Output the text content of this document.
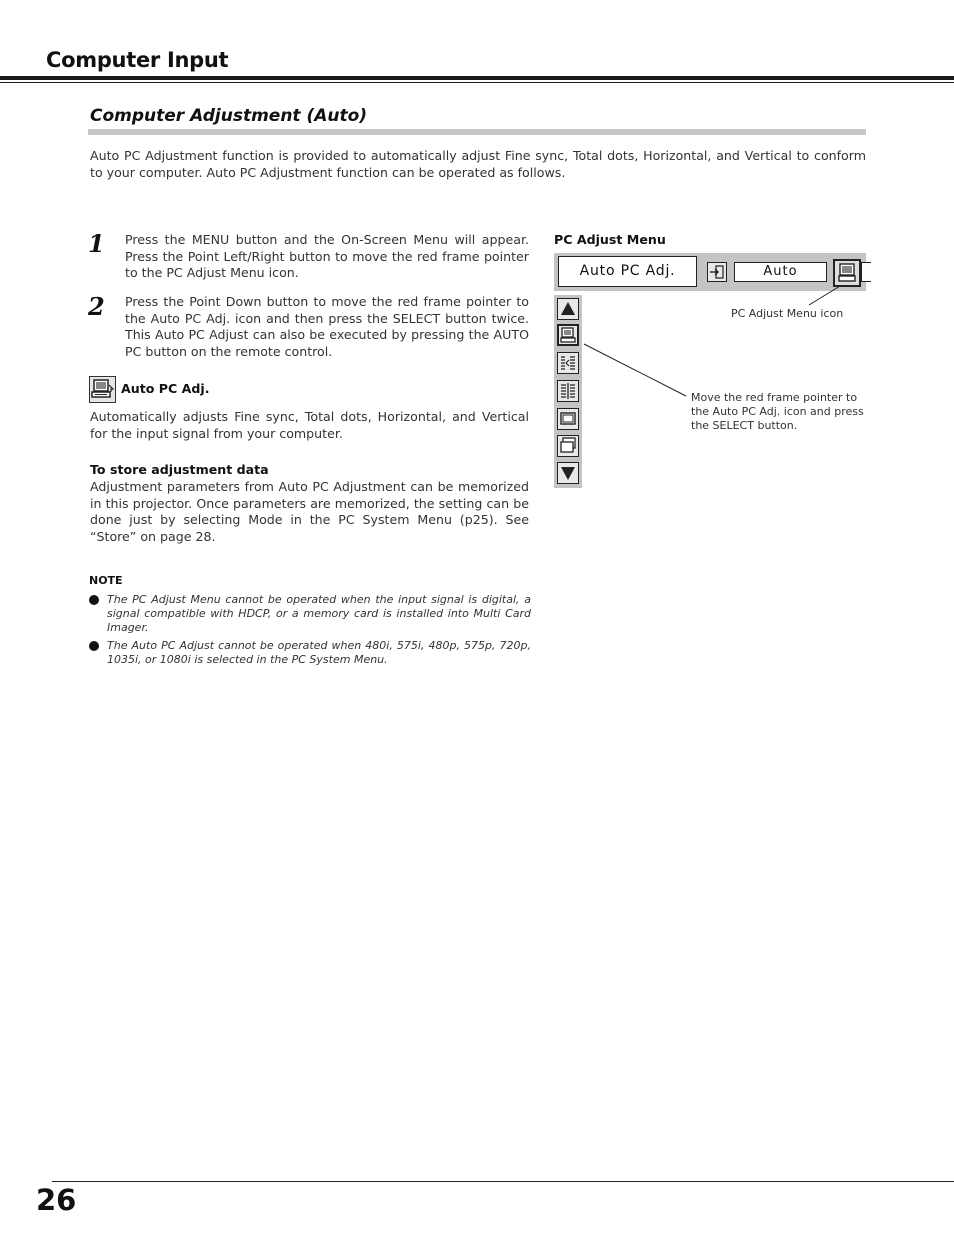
Computer Input
Computer Adjustment (Auto)
Auto PC Adjustment function is provided to automatically adjust Fine sync, Total dots, Horizontal, and Vertical to conform to your computer. Auto PC Adjustment function can be operated as follows.
1 Press the MENU button and the On-Screen Menu will appear. Press the Point Left/Right button to move the red frame pointer to the PC Adjust Menu icon.
2 Press the Point Down button to move the red frame pointer to the Auto PC Adj. icon and then press the SELECT button twice. This Auto PC Adjust can also be executed by pressing the AUTO PC button on the remote control.
Auto PC Adj.
Automatically adjusts Fine sync, Total dots, Horizontal, and Vertical for the input signal from your computer.
To store adjustment data
Adjustment parameters from Auto PC Adjustment can be memorized in this projector. Once parameters are memorized, the setting can be done just by selecting Mode in the PC System Menu (p25). See “Store” on page 28.
NOTE
The PC Adjust Menu cannot be operated when the input signal is digital, a signal compatible with HDCP, or a memory card is installed into Multi Card Imager.
The Auto PC Adjust cannot be operated when 480i, 575i, 480p, 575p, 720p, 1035i, or 1080i is selected in the PC System Menu.
PC Adjust Menu
Auto PC Adj.	Auto
PC Adjust Menu icon
Move the red frame pointer to the Auto PC Adj. icon and press the SELECT button.
26
